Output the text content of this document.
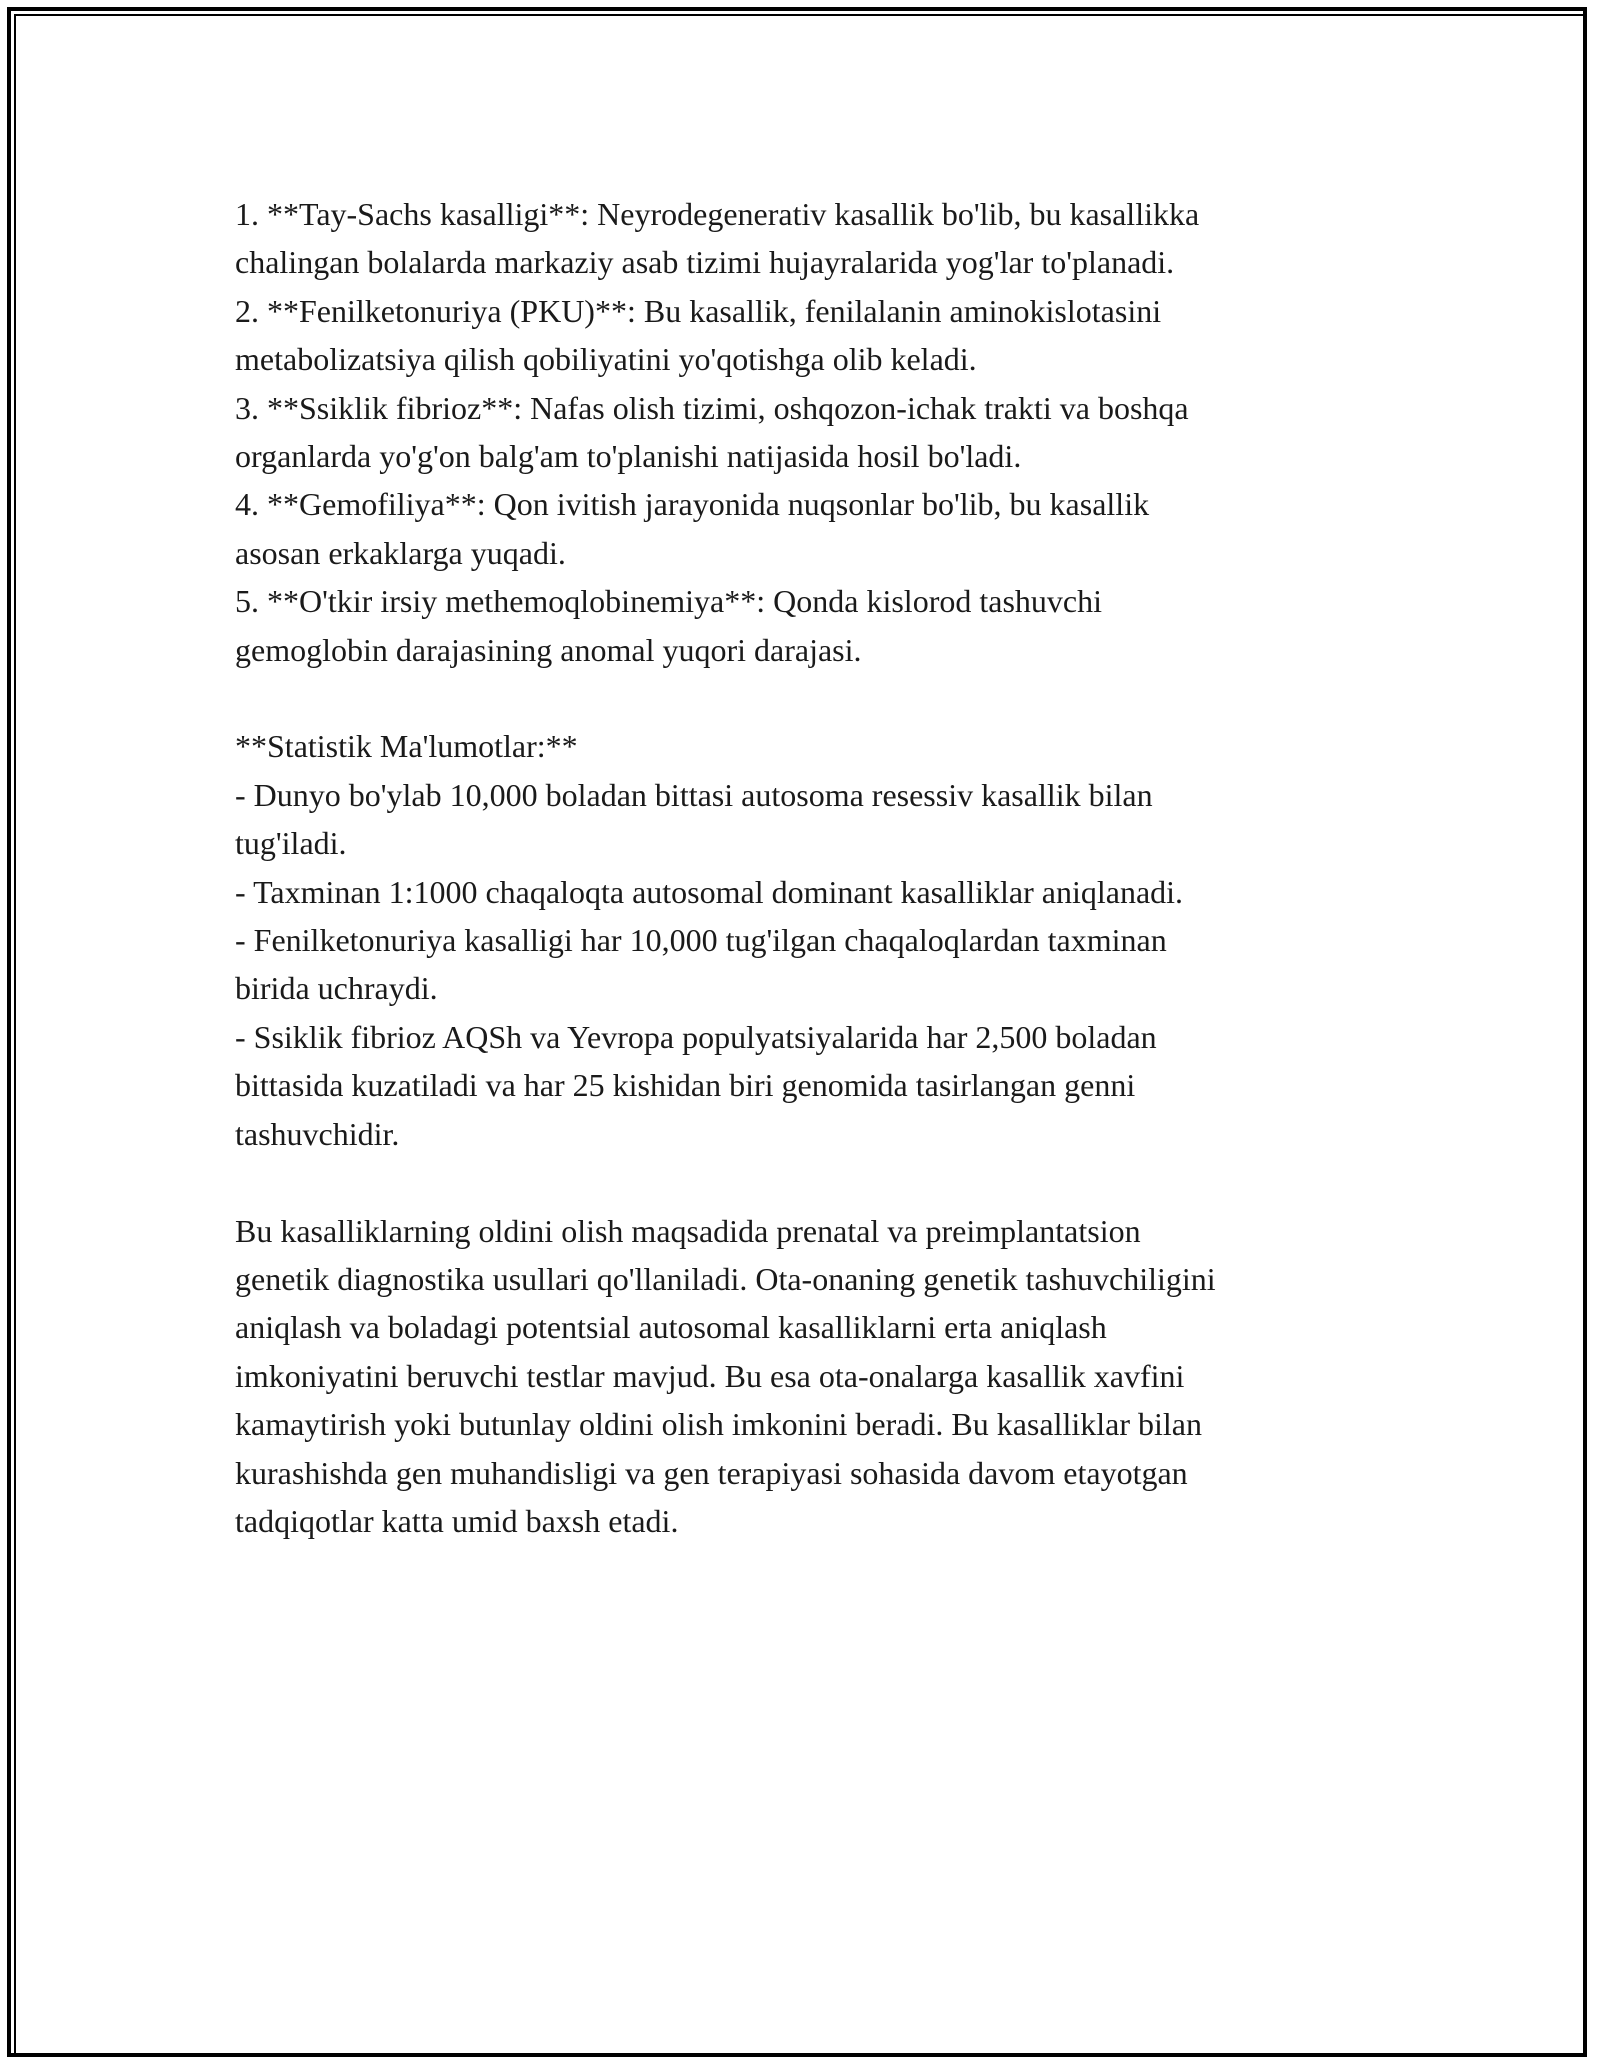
1. **Tay-Sachs kasalligi**: Neyrodegenerativ kasallik bo'lib, bu kasallikka
chalingan bolalarda markaziy asab tizimi hujayralarida yog'lar to'planadi.
2. **Fenilketonuriya (PKU)**: Bu kasallik, fenilalanin aminokislotasini
metabolizatsiya qilish qobiliyatini yo'qotishga olib keladi.
3. **Ssiklik fibrioz**: Nafas olish tizimi, oshqozon-ichak trakti va boshqa
organlarda yo'g'on balg'am to'planishi natijasida hosil bo'ladi.
4. **Gemofiliya**: Qon ivitish jarayonida nuqsonlar bo'lib, bu kasallik
asosan erkaklarga yuqadi.
5. **O'tkir irsiy methemoqlobinemiya**: Qonda kislorod tashuvchi
gemoglobin darajasining anomal yuqori darajasi.
**Statistik Ma'lumotlar:**
- Dunyo bo'ylab 10,000 boladan bittasi autosoma resessiv kasallik bilan
tug'iladi.
- Taxminan 1:1000 chaqaloqta autosomal dominant kasalliklar aniqlanadi.
- Fenilketonuriya kasalligi har 10,000 tug'ilgan chaqaloqlardan taxminan
birida uchraydi.
- Ssiklik fibrioz AQSh va Yevropa populyatsiyalarida har 2,500 boladan
bittasida kuzatiladi va har 25 kishidan biri genomida tasirlangan genni
tashuvchidir.
Bu kasalliklarning oldini olish maqsadida prenatal va preimplantatsion
genetik diagnostika usullari qo'llaniladi. Ota-onaning genetik tashuvchiligini
aniqlash va boladagi potentsial autosomal kasalliklarni erta aniqlash
imkoniyatini beruvchi testlar mavjud. Bu esa ota-onalarga kasallik xavfini
kamaytirish yoki butunlay oldini olish imkonini beradi. Bu kasalliklar bilan
kurashishda gen muhandisligi va gen terapiyasi sohasida davom etayotgan
tadqiqotlar katta umid baxsh etadi.
